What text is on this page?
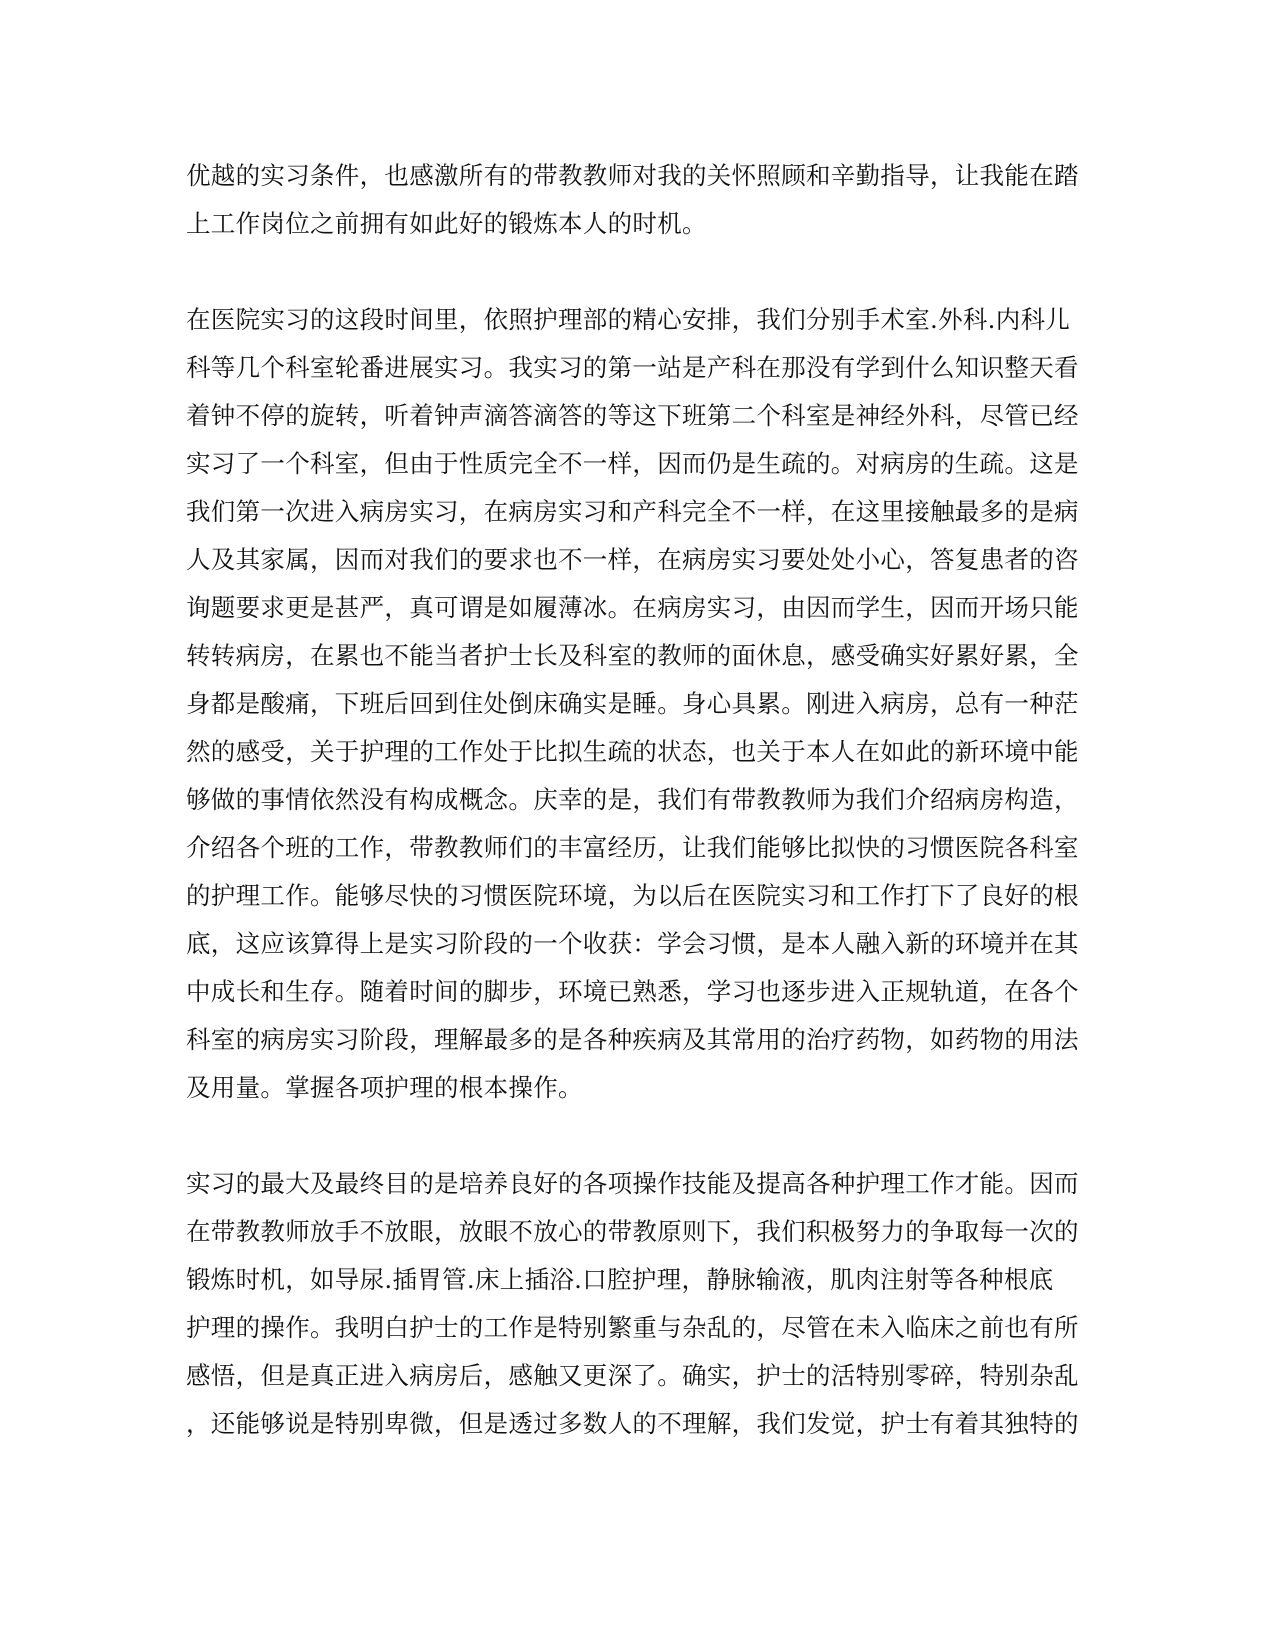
优越的实习条件，也感激所有的带教教师对我的关怀照顾和辛勤指导，让我能在踏
上工作岗位之前拥有如此好的锻炼本人的时机。

在医院实习的这段时间里，依照护理部的精心安排，我们分别手术室.外科.内科儿
科等几个科室轮番进展实习。我实习的第一站是产科在那没有学到什么知识整天看
着钟不停的旋转，听着钟声滴答滴答的等这下班第二个科室是神经外科，尽管已经
实习了一个科室，但由于性质完全不一样，因而仍是生疏的。对病房的生疏。这是
我们第一次进入病房实习，在病房实习和产科完全不一样，在这里接触最多的是病
人及其家属，因而对我们的要求也不一样，在病房实习要处处小心，答复患者的咨
询题要求更是甚严，真可谓是如履薄冰。在病房实习，由因而学生，因而开场只能
转转病房，在累也不能当者护士长及科室的教师的面休息，感受确实好累好累，全
身都是酸痛，下班后回到住处倒床确实是睡。身心具累。刚进入病房，总有一种茫
然的感受，关于护理的工作处于比拟生疏的状态，也关于本人在如此的新环境中能
够做的事情依然没有构成概念。庆幸的是，我们有带教教师为我们介绍病房构造，
介绍各个班的工作，带教教师们的丰富经历，让我们能够比拟快的习惯医院各科室
的护理工作。能够尽快的习惯医院环境，为以后在医院实习和工作打下了良好的根
底，这应该算得上是实习阶段的一个收获：学会习惯，是本人融入新的环境并在其
中成长和生存。随着时间的脚步，环境已熟悉，学习也逐步进入正规轨道，在各个
科室的病房实习阶段，理解最多的是各种疾病及其常用的治疗药物，如药物的用法
及用量。掌握各项护理的根本操作。

实习的最大及最终目的是培养良好的各项操作技能及提高各种护理工作才能。因而
在带教教师放手不放眼，放眼不放心的带教原则下，我们积极努力的争取每一次的
锻炼时机，如导尿.插胃管.床上插浴.口腔护理，静脉输液，肌肉注射等各种根底
护理的操作。我明白护士的工作是特别繁重与杂乱的，尽管在未入临床之前也有所
感悟，但是真正进入病房后，感触又更深了。确实，护士的活特别零碎，特别杂乱
，还能够说是特别卑微，但是透过多数人的不理解，我们发觉，护士有着其独特的
